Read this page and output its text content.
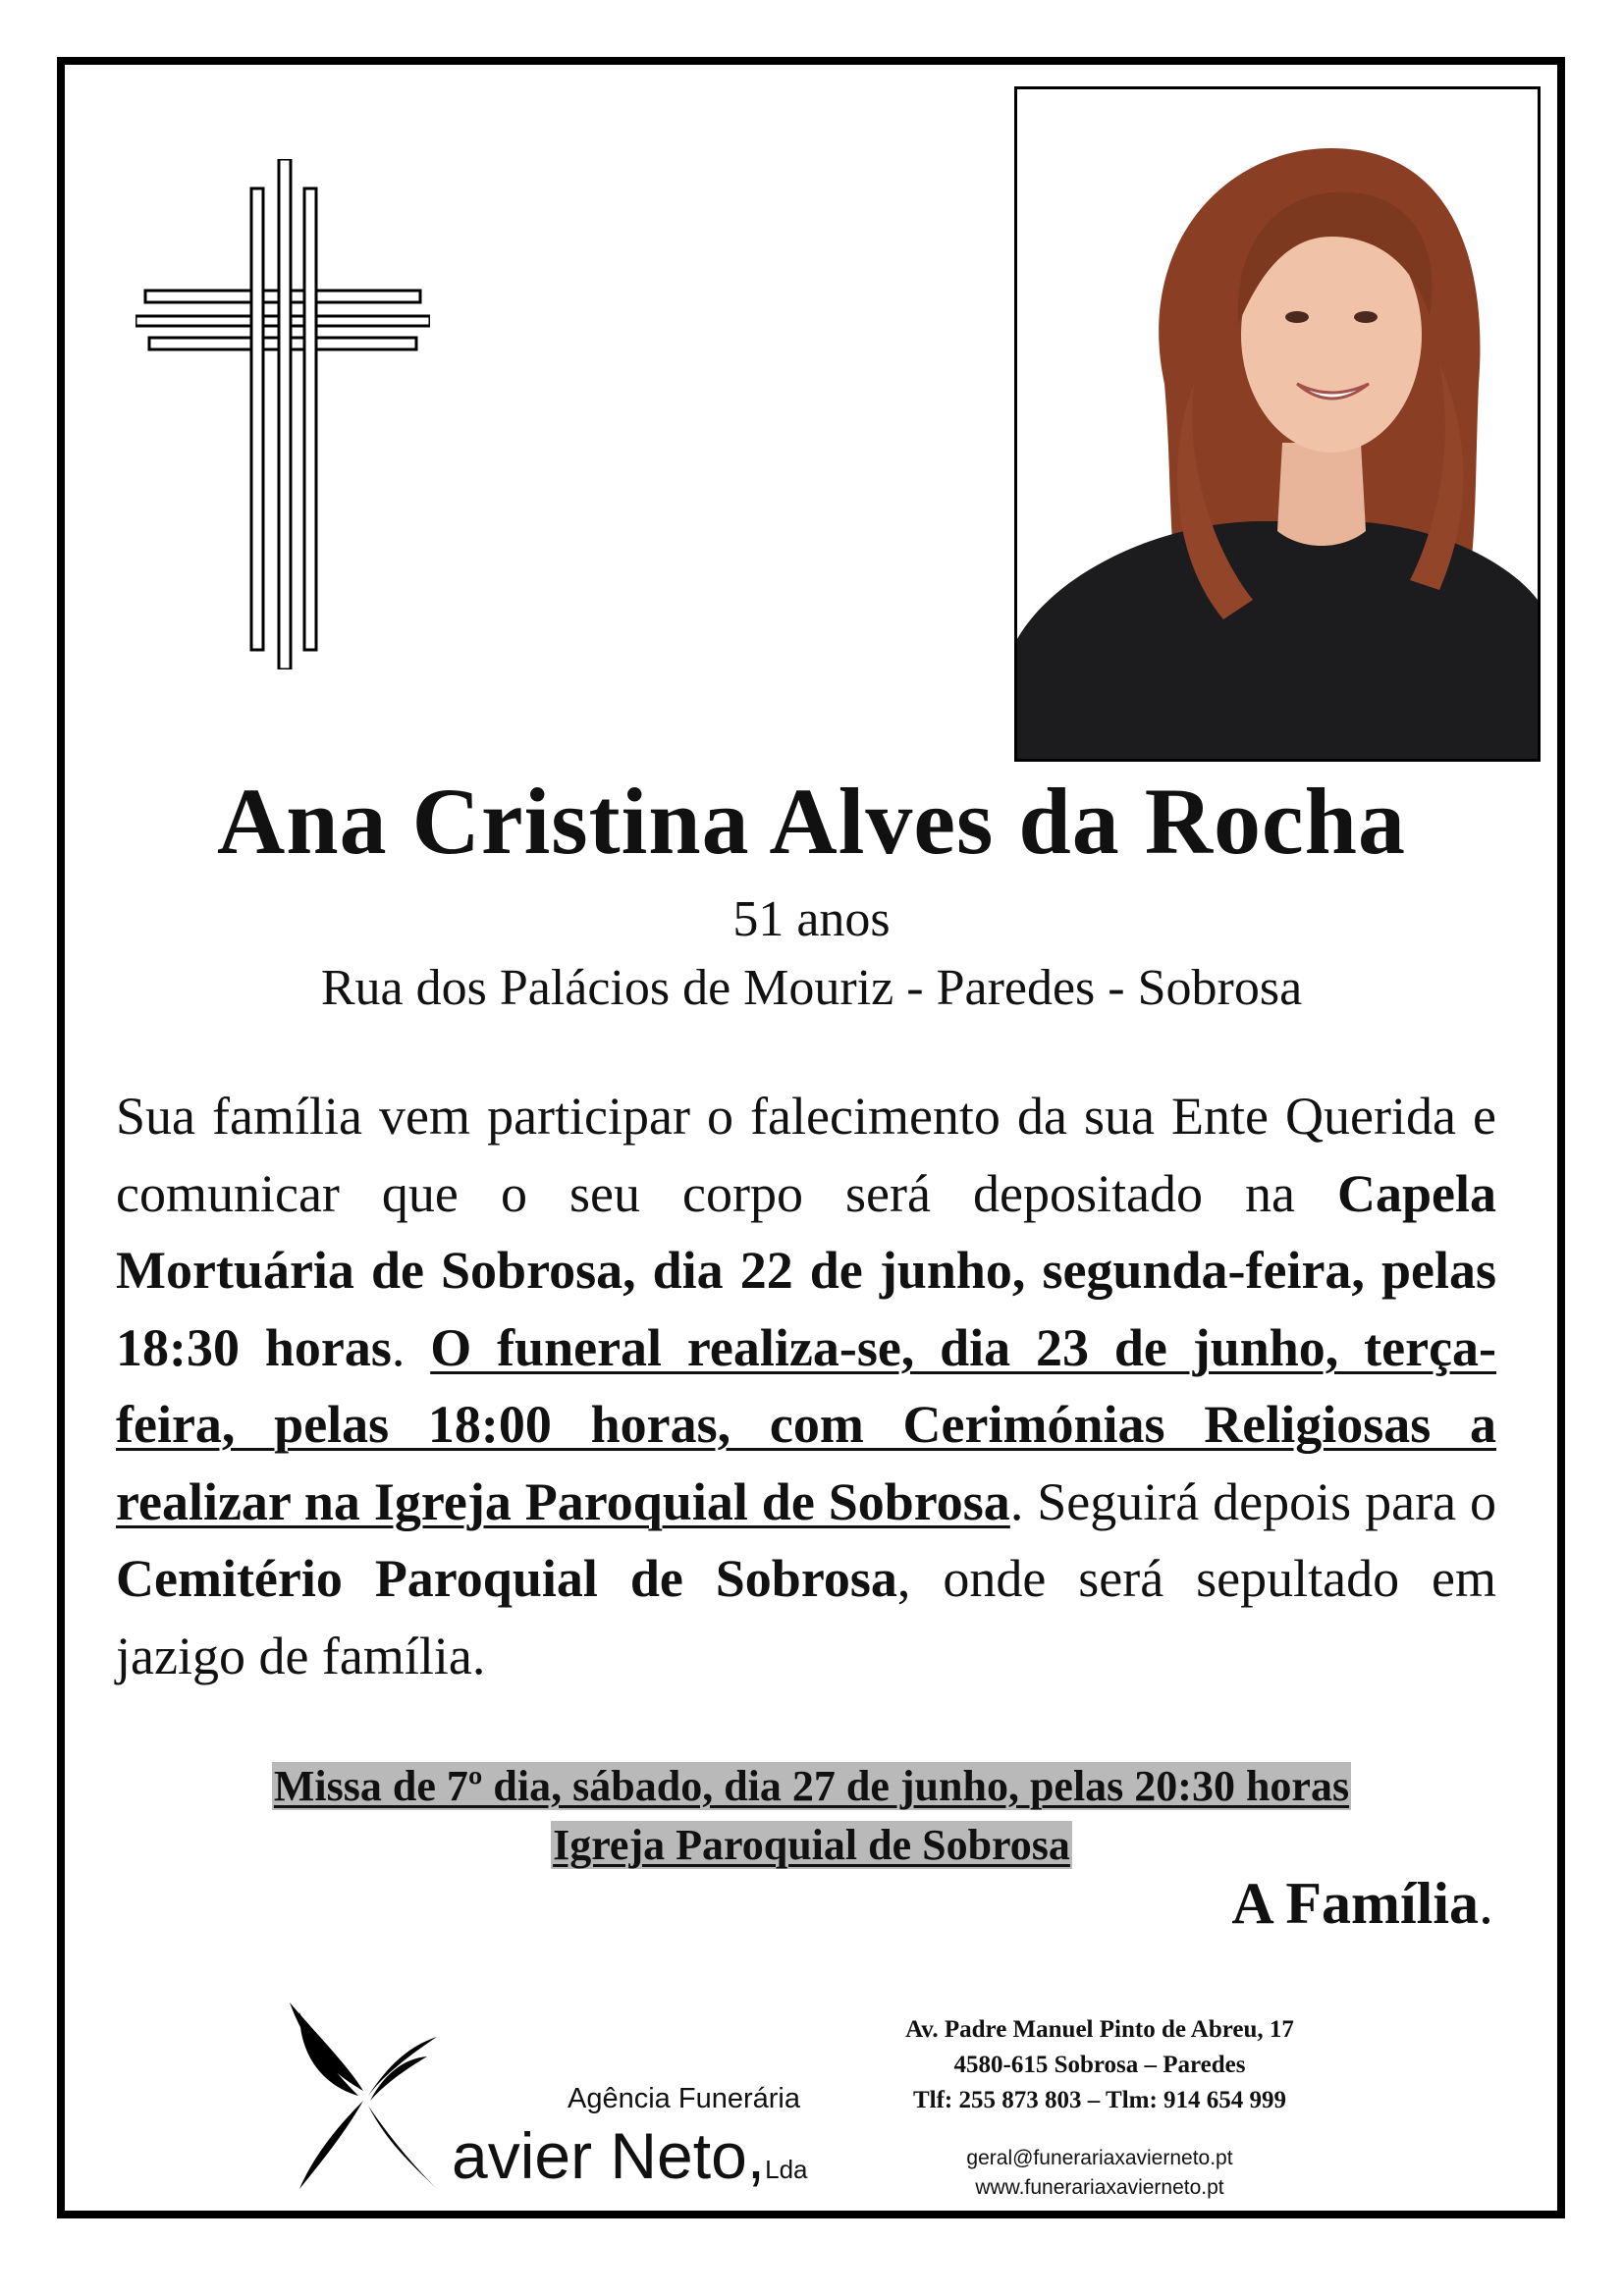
Ana Cristina Alves da Rocha
51 anos
Rua dos Palácios de Mouriz - Paredes - Sobrosa
Sua família vem participar o falecimento da sua Ente Querida e comunicar que o seu corpo será depositado na Capela Mortuária de Sobrosa, dia 22 de junho, segunda-feira, pelas 18:30 horas. O funeral realiza-se, dia 23 de junho, terça-feira, pelas 18:00 horas, com Cerimónias Religiosas a realizar na Igreja Paroquial de Sobrosa. Seguirá depois para o Cemitério Paroquial de Sobrosa, onde será sepultado em jazigo de família.
Missa de 7º dia, sábado, dia 27 de junho, pelas 20:30 horas
Igreja Paroquial de Sobrosa
A Família.
Agência Funerária
avier Neto,Lda
Av. Padre Manuel Pinto de Abreu, 17
4580-615 Sobrosa – Paredes
Tlf: 255 873 803 – Tlm: 914 654 999
geral@funerariaxavierneto.pt
www.funerariaxavierneto.pt
